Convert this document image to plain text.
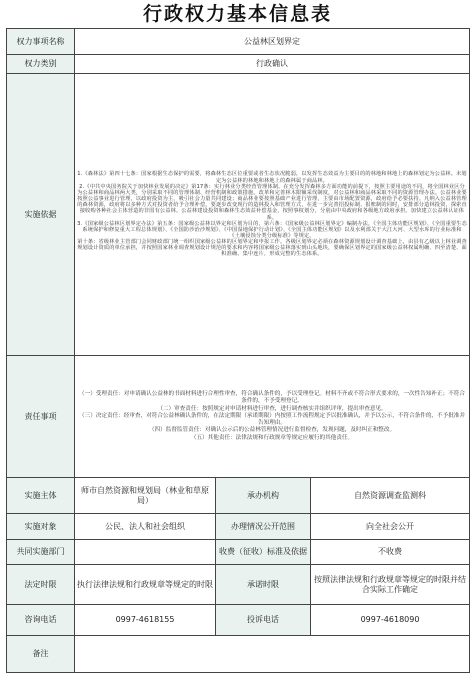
行政权力基本信息表
权力事项名称	公益林区划界定		
权力类别	行政确认		
实施依据	1.《森林法》第四十七条：国家根据生态保护的需要，将森林生态区位重要或者生态状况脆弱，以发挥生态效益为主要目的的林地和林地上的森林划定为公益林。未划定为公益林的林地和林地上的森林属于商品林。
2.《中共中央国务院关于加快林业发展的决定》第17条：实行林业分类经营管理体制。在充分发挥森林多方面功能的前提下，按照主要用途的不同，将全国林业区分为公益林和商品林两大类，分别采取不同的管理体制、经营机制和政策措施。改革和完善林木限额采伐制度，对公益林和商品林采取不同的资源管理办法。公益林业要按照公益事业进行管理，以政府投资为主，吸引社会力量共同建设；商品林业要按照基础产业进行管理，主要由市场配置资源，政府给予必要扶持。凡纳入公益林管理的森林资源，政府将以多种方式对投资者给予合理补偿。要逐步改变现行的造林投入和管理方式，在进一步完善招投标制、报账制的同时，安排部分造林投资，探索直接收购各种社会主体营造的非国有公益林。公益林建设投资和森林生态效益补偿基金，按照事权划分，分别由中央政府和各级地方政府承担。加快建立公益林认证体系。
3.《国家级公益林区划界定办法》第五条：国家级公益林以界定和区划为目的，第六条：《国家级公益林区划界定》编制办法，《全国主体功能区规划》、《全国重要生态系统保护和修复重大工程总体规划》、《全国防沙治沙规划》、《中国湿地保护行动计划》、《全国主体功能区规划》以及水利部关于大江大河、大型水库的行业标准和《土壤侵蚀分类分级标准》等规定。
第十条：省级林业主管部门会同财政部门统一组织国家级公益林的区划界定和申报工作。各级区划界定必须在森林资源规划设计调查基础上，由县有乙级以上林业调查规划设计资质的单位承担，并按照国家林业调查规划设计规范的要求和内容将国家级公益林落实到山头地块，要确保区划界定的国家级公益林权属明确、四至清楚、面积准确、集中连片，形成完整的生态体系。		

责任事项	（一）受理责任：对申请确认公益林的书面材料进行合理性审查，符合确认条件的，予以受理登记。材料不齐或不符合形式要求的，一次性告知补正；不符合条件的，不予受理登记。
（二）审查责任：按照规定对申请材料进行审查，进行调查核实并组织评审，提出审查意见。
（三）决定责任：经审查，对符合公益林确认条件的，在法定期限（承诺期限）内按照工作流程规定予以批准确认，并予以公示，不符合条件的，不予批准并告知理由。
（四）监督监管责任：对确认公示后的公益林管理情况进行监督检查，发现问题，及时纠正和整改。
（五）其他责任：法律法规和行政规章等规定应履行的其他责任。		

实施主体	师市自然资源和规划局（林业和草原局）	承办机构	自然资源调查监测科
实施对象	公民、法人和社会组织	办理情况公开范围	向全社会公开
共同实施部门		收费（征收）标准及依据	不收费
法定时限	执行法律法规和行政规章等规定的时限	承诺时限	按照法律法规和行政规章等规定的时限并结合实际工作确定
咨询电话	0997-4618155	投诉电话	0997-4618090
备注			
